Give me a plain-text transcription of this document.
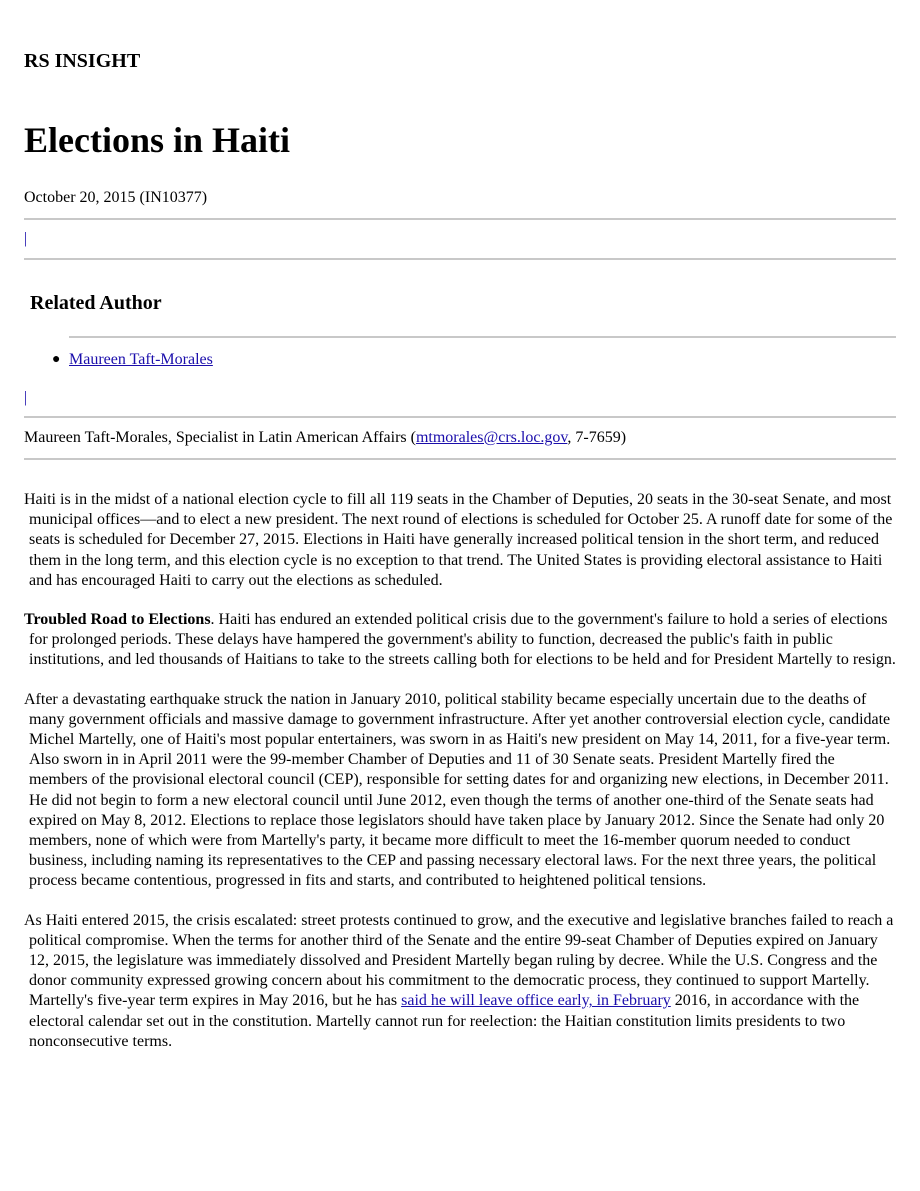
RS INSIGHT
Elections in Haiti
October 20, 2015 (IN10377)
|
Related Author
● Maureen Taft-Morales
|
Maureen Taft-Morales, Specialist in Latin American Affairs (mtmorales@crs.loc.gov, 7-7659)

Haiti is in the midst of a national election cycle to fill all 119 seats in the Chamber of Deputies, 20 seats in the 30-seat Senate, and most municipal offices—and to elect a new president. The next round of elections is scheduled for October 25. A runoff date for some of the seats is scheduled for December 27, 2015. Elections in Haiti have generally increased political tension in the short term, and reduced them in the long term, and this election cycle is no exception to that trend. The United States is providing electoral assistance to Haiti and has encouraged Haiti to carry out the elections as scheduled.

Troubled Road to Elections. Haiti has endured an extended political crisis due to the government's failure to hold a series of elections for prolonged periods. These delays have hampered the government's ability to function, decreased the public's faith in public institutions, and led thousands of Haitians to take to the streets calling both for elections to be held and for President Martelly to resign.

After a devastating earthquake struck the nation in January 2010, political stability became especially uncertain due to the deaths of many government officials and massive damage to government infrastructure. After yet another controversial election cycle, candidate Michel Martelly, one of Haiti's most popular entertainers, was sworn in as Haiti's new president on May 14, 2011, for a five-year term. Also sworn in in April 2011 were the 99-member Chamber of Deputies and 11 of 30 Senate seats. President Martelly fired the members of the provisional electoral council (CEP), responsible for setting dates for and organizing new elections, in December 2011. He did not begin to form a new electoral council until June 2012, even though the terms of another one-third of the Senate seats had expired on May 8, 2012. Elections to replace those legislators should have taken place by January 2012. Since the Senate had only 20 members, none of which were from Martelly's party, it became more difficult to meet the 16-member quorum needed to conduct business, including naming its representatives to the CEP and passing necessary electoral laws. For the next three years, the political process became contentious, progressed in fits and starts, and contributed to heightened political tensions.

As Haiti entered 2015, the crisis escalated: street protests continued to grow, and the executive and legislative branches failed to reach a political compromise. When the terms for another third of the Senate and the entire 99-seat Chamber of Deputies expired on January 12, 2015, the legislature was immediately dissolved and President Martelly began ruling by decree. While the U.S. Congress and the donor community expressed growing concern about his commitment to the democratic process, they continued to support Martelly. Martelly's five-year term expires in May 2016, but he has said he will leave office early, in February 2016, in accordance with the electoral calendar set out in the constitution. Martelly cannot run for reelection: the Haitian constitution limits presidents to two nonconsecutive terms.
